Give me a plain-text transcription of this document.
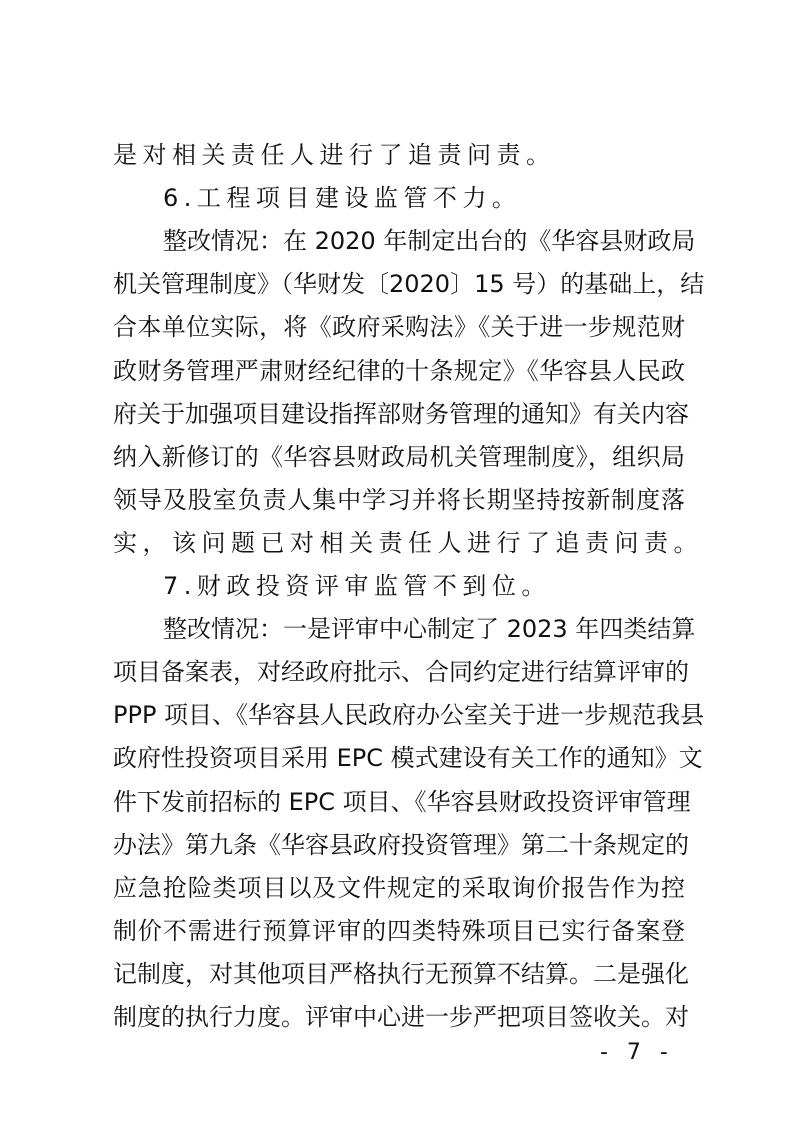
是对相关责任人进行了追责问责。
6.工程项目建设监管不力。
整改情况：在 2020 年制定出台的《华容县财政局
机关管理制度》（华财发〔2020〕15 号）的基础上，结
合本单位实际，将《政府采购法》《关于进一步规范财
政财务管理严肃财经纪律的十条规定》《华容县人民政
府关于加强项目建设指挥部财务管理的通知》有关内容
纳入新修订的《华容县财政局机关管理制度》，组织局
领导及股室负责人集中学习并将长期坚持按新制度落
实，该问题已对相关责任人进行了追责问责。
7.财政投资评审监管不到位。
整改情况：一是评审中心制定了 2023 年四类结算
项目备案表，对经政府批示、合同约定进行结算评审的
PPP 项目、《华容县人民政府办公室关于进一步规范我县
政府性投资项目采用 EPC 模式建设有关工作的通知》文
件下发前招标的 EPC 项目、《华容县财政投资评审管理
办法》第九条《华容县政府投资管理》第二十条规定的
应急抢险类项目以及文件规定的采取询价报告作为控
制价不需进行预算评审的四类特殊项目已实行备案登
记制度，对其他项目严格执行无预算不结算。二是强化
制度的执行力度。评审中心进一步严把项目签收关。对
- 7 -
